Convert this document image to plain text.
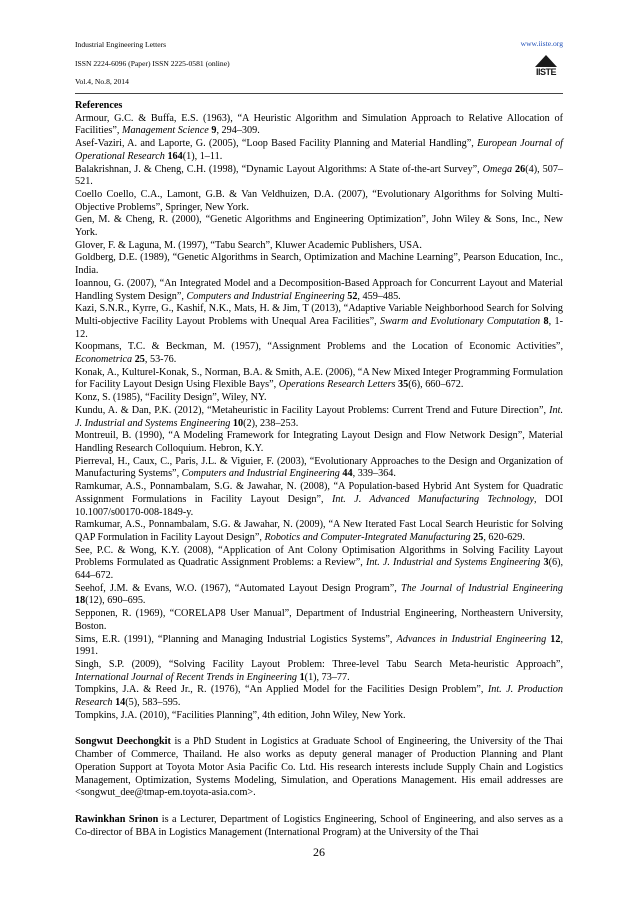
Industrial Engineering Letters
ISSN 2224-6096 (Paper) ISSN 2225-0581 (online)
Vol.4, No.8, 2014
www.iiste.org
IISTE
References
Armour, G.C. & Buffa, E.S. (1963), “A Heuristic Algorithm and Simulation Approach to Relative Allocation of Facilities”, Management Science 9, 294–309.
Asef-Vaziri, A. and Laporte, G. (2005), “Loop Based Facility Planning and Material Handling”, European Journal of Operational Research 164(1), 1–11.
Balakrishnan, J. & Cheng, C.H. (1998), “Dynamic Layout Algorithms: A State of-the-art Survey”, Omega 26(4), 507–521.
Coello Coello, C.A., Lamont, G.B. & Van Veldhuizen, D.A. (2007), “Evolutionary Algorithms for Solving Multi-Objective Problems”, Springer, New York.
Gen, M. & Cheng, R. (2000), “Genetic Algorithms and Engineering Optimization”, John Wiley & Sons, Inc., New York.
Glover, F. & Laguna, M. (1997), “Tabu Search”, Kluwer Academic Publishers, USA.
Goldberg, D.E. (1989), “Genetic Algorithms in Search, Optimization and Machine Learning”, Pearson Education, Inc., India.
Ioannou, G. (2007), “An Integrated Model and a Decomposition-Based Approach for Concurrent Layout and Material Handling System Design”, Computers and Industrial Engineering 52, 459–485.
Kazi, S.N.R., Kyrre, G., Kashif, N.K., Mats, H. & Jim, T (2013), “Adaptive Variable Neighborhood Search for Solving Multi-objective Facility Layout Problems with Unequal Area Facilities”, Swarm and Evolutionary Computation 8, 1-12.
Koopmans, T.C. & Beckman, M. (1957), “Assignment Problems and the Location of Economic Activities”, Econometrica 25, 53-76.
Konak, A., Kulturel-Konak, S., Norman, B.A. & Smith, A.E. (2006), “A New Mixed Integer Programming Formulation for Facility Layout Design Using Flexible Bays”, Operations Research Letters 35(6), 660–672.
Konz, S. (1985), “Facility Design”, Wiley, NY.
Kundu, A. & Dan, P.K. (2012), “Metaheuristic in Facility Layout Problems: Current Trend and Future Direction”, Int. J. Industrial and Systems Engineering 10(2), 238–253.
Montreuil, B. (1990), “A Modeling Framework for Integrating Layout Design and Flow Network Design”, Material Handling Research Colloquium. Hebron, K.Y.
Pierreval, H., Caux, C., Paris, J.L. & Viguier, F. (2003), “Evolutionary Approaches to the Design and Organization of Manufacturing Systems”, Computers and Industrial Engineering 44, 339–364.
Ramkumar, A.S., Ponnambalam, S.G. & Jawahar, N. (2008), “A Population-based Hybrid Ant System for Quadratic Assignment Formulations in Facility Layout Design”, Int. J. Advanced Manufacturing Technology, DOI 10.1007/s00170-008-1849-y.
Ramkumar, A.S., Ponnambalam, S.G. & Jawahar, N. (2009), “A New Iterated Fast Local Search Heuristic for Solving QAP Formulation in Facility Layout Design”, Robotics and Computer-Integrated Manufacturing 25, 620-629.
See, P.C. & Wong, K.Y. (2008), “Application of Ant Colony Optimisation Algorithms in Solving Facility Layout Problems Formulated as Quadratic Assignment Problems: a Review”, Int. J. Industrial and Systems Engineering 3(6), 644–672.
Seehof, J.M. & Evans, W.O. (1967), “Automated Layout Design Program”, The Journal of Industrial Engineering 18(12), 690–695.
Sepponen, R. (1969), “CORELAP8 User Manual”, Department of Industrial Engineering, Northeastern University, Boston.
Sims, E.R. (1991), “Planning and Managing Industrial Logistics Systems”, Advances in Industrial Engineering 12, 1991.
Singh, S.P. (2009), “Solving Facility Layout Problem: Three-level Tabu Search Meta-heuristic Approach”, International Journal of Recent Trends in Engineering 1(1), 73–77.
Tompkins, J.A. & Reed Jr., R. (1976), “An Applied Model for the Facilities Design Problem”, Int. J. Production Research 14(5), 583–595.
Tompkins, J.A. (2010), “Facilities Planning”, 4th edition, John Wiley, New York.
Songwut Deechongkit is a PhD Student in Logistics at Graduate School of Engineering, the University of the Thai Chamber of Commerce, Thailand. He also works as deputy general manager of Production Planning and Plant Operation Support at Toyota Motor Asia Pacific Co. Ltd. His research interests include Supply Chain and Logistics Management, Optimization, Systems Modeling, Simulation, and Operations Management. His email addresses are <songwut_dee@tmap-em.toyota-asia.com>.
Rawinkhan Srinon is a Lecturer, Department of Logistics Engineering, School of Engineering, and also serves as a Co-director of BBA in Logistics Management (International Program) at the University of the Thai
26
